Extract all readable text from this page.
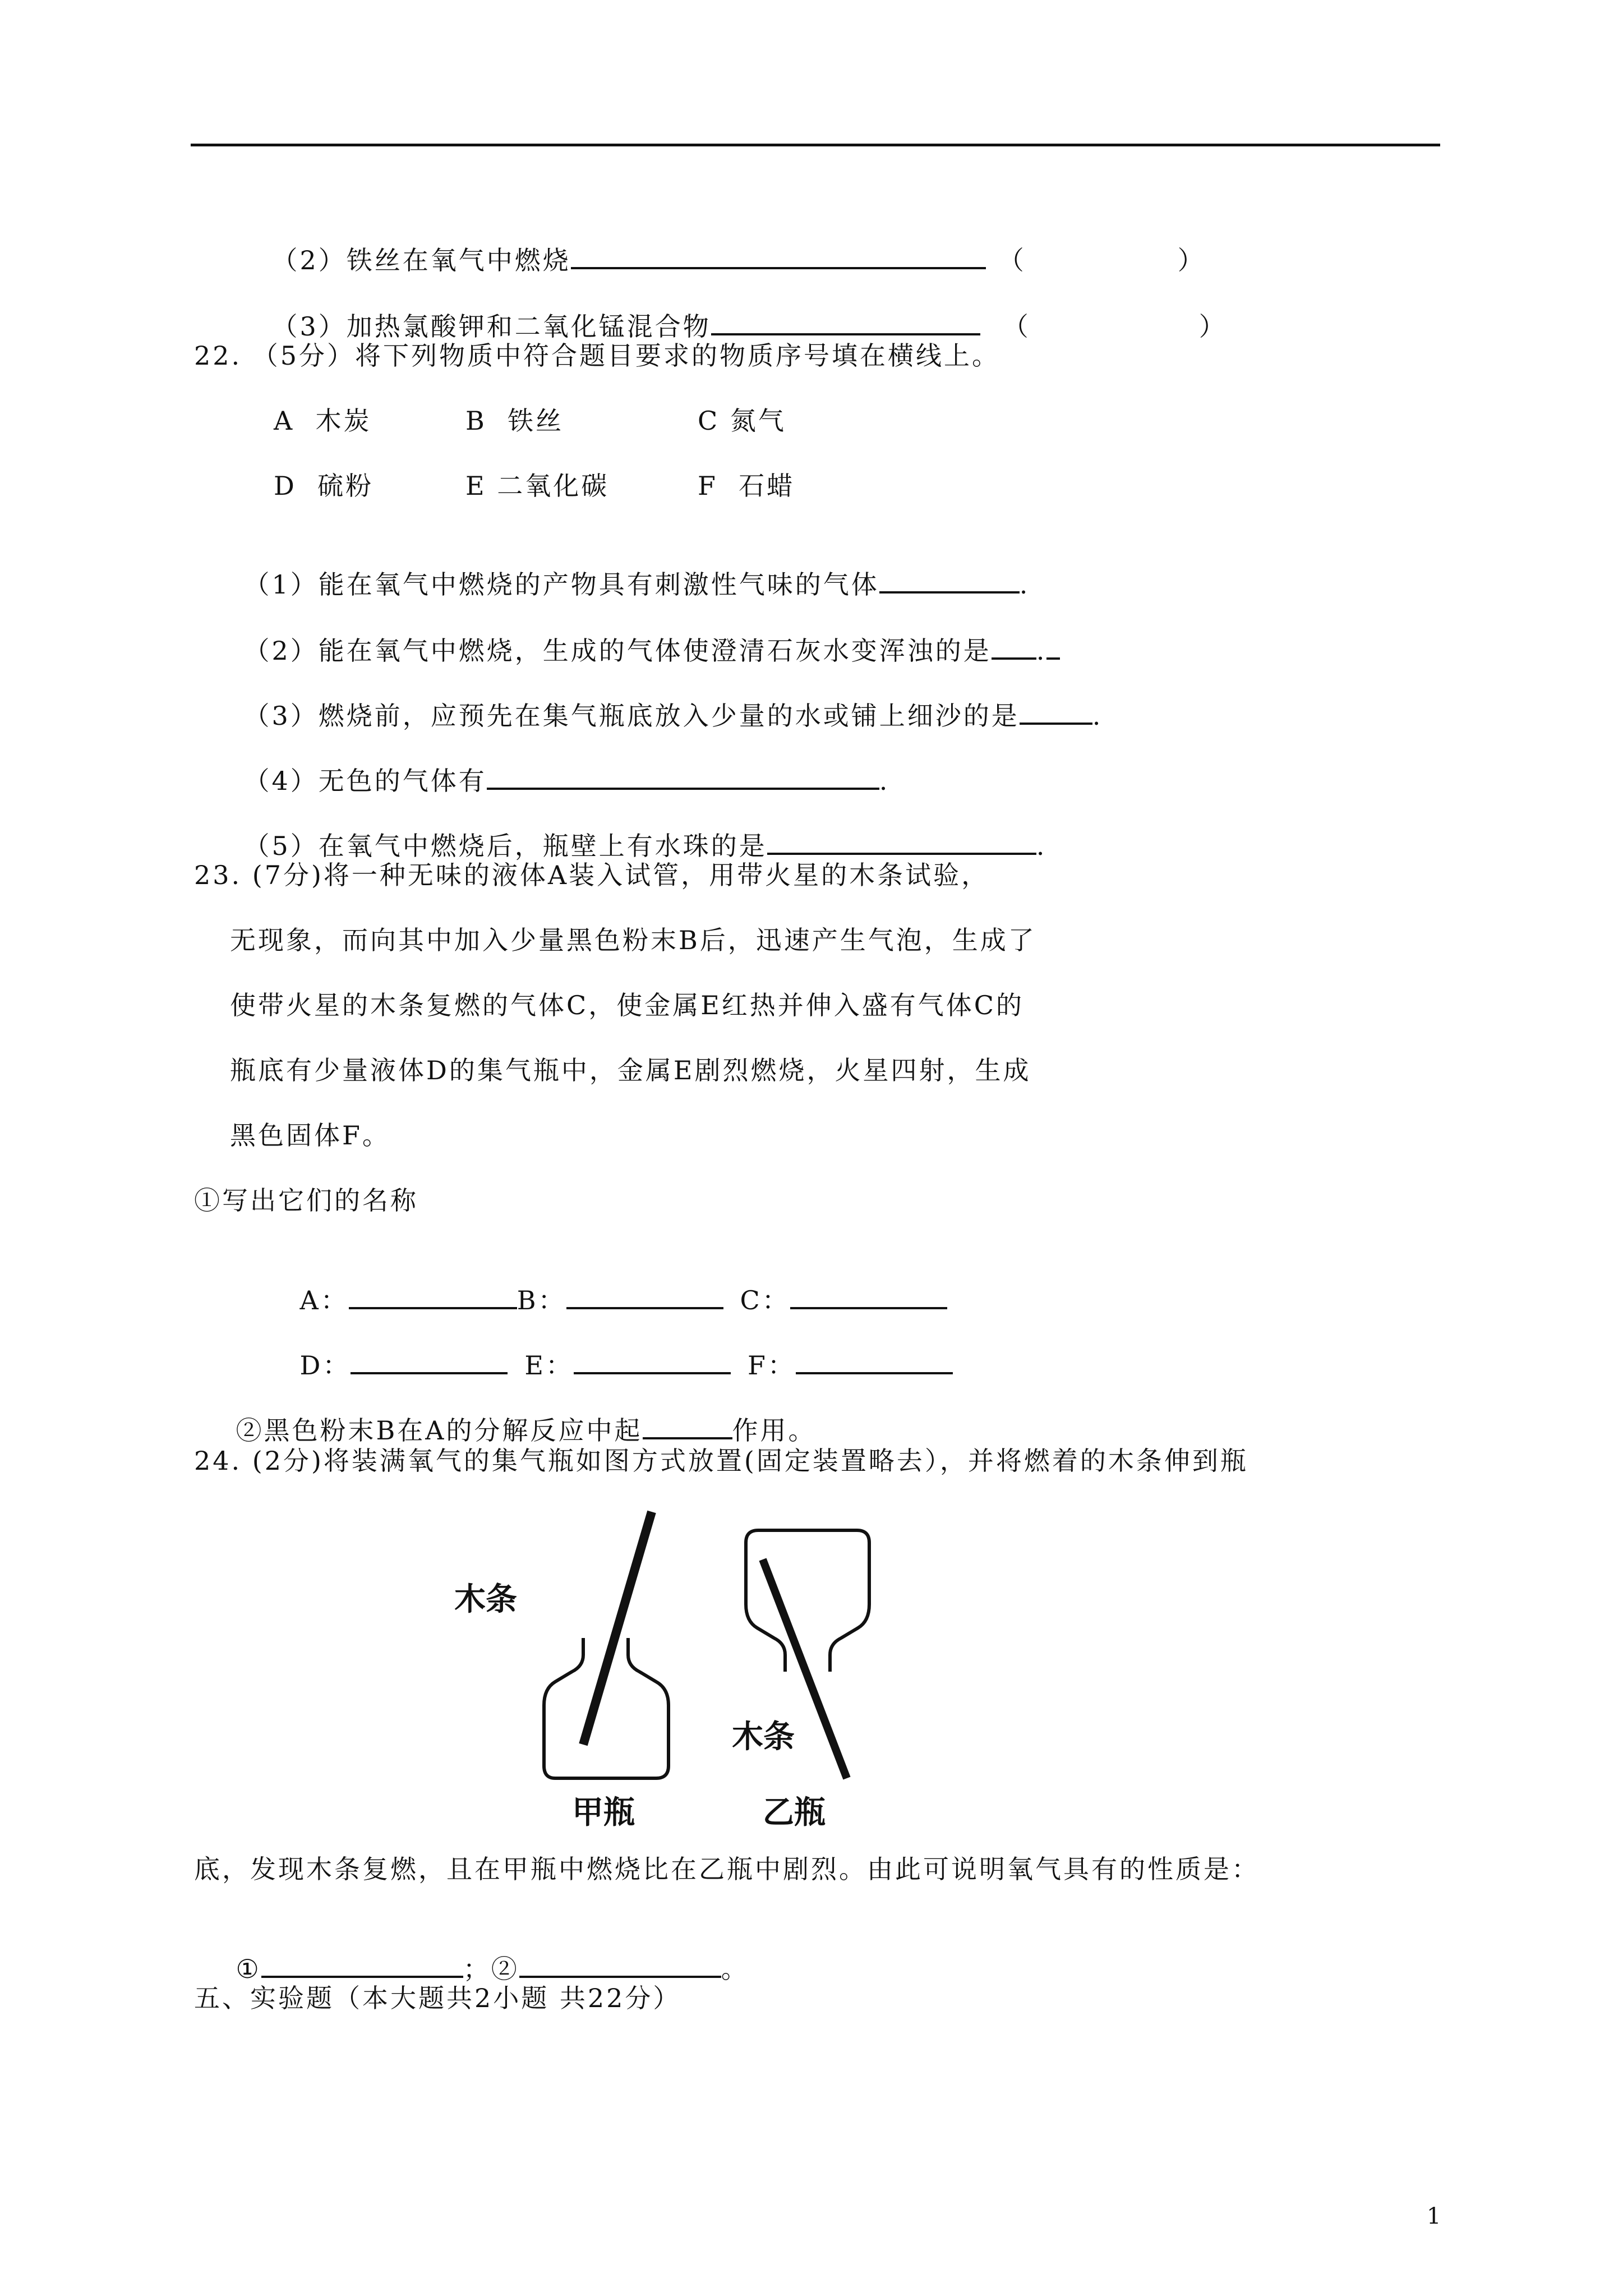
（2）铁丝在氧气中燃烧	（	）

（3）加热氯酸钾和二氧化锰混合物	（	）

22. （5分）将下列物质中符合题目要求的物质序号填在横线上。
A  木炭	B  铁丝	C 氮气
D  硫粉	E 二氧化碳	F  石蜡

（1）能在氧气中燃烧的产物具有刺激性气味的气体	.

（2）能在氧气中燃烧，生成的气体使澄清石灰水变浑浊的是 .

（3）燃烧前，应预先在集气瓶底放入少量的水或铺上细沙的是	.

（4）无色的气体有	.

（5）在氧气中燃烧后，瓶壁上有水珠的是	.

23. (7分)将一种无味的液体A装入试管，用带火星的木条试验，
无现象，而向其中加入少量黑色粉末B后，迅速产生气泡，生成了
使带火星的木条复燃的气体C，使金属E红热并伸入盛有气体C的
瓶底有少量液体D的集气瓶中，金属E剧烈燃烧，火星四射，生成
黑色固体F。
①写出它们的名称

A：	B：	C：

D：	E：	F：

②黑色粉末B在A的分解反应中起	作用。

24. (2分)将装满氧气的集气瓶如图方式放置(固定装置略去），并将燃着的木条伸到瓶
木条
木条
甲瓶	乙瓶
底，发现木条复燃，且在甲瓶中燃烧比在乙瓶中剧烈。由此可说明氧气具有的性质是：

①	；②	。

五、实验题（本大题共2小题 共22分）
1
